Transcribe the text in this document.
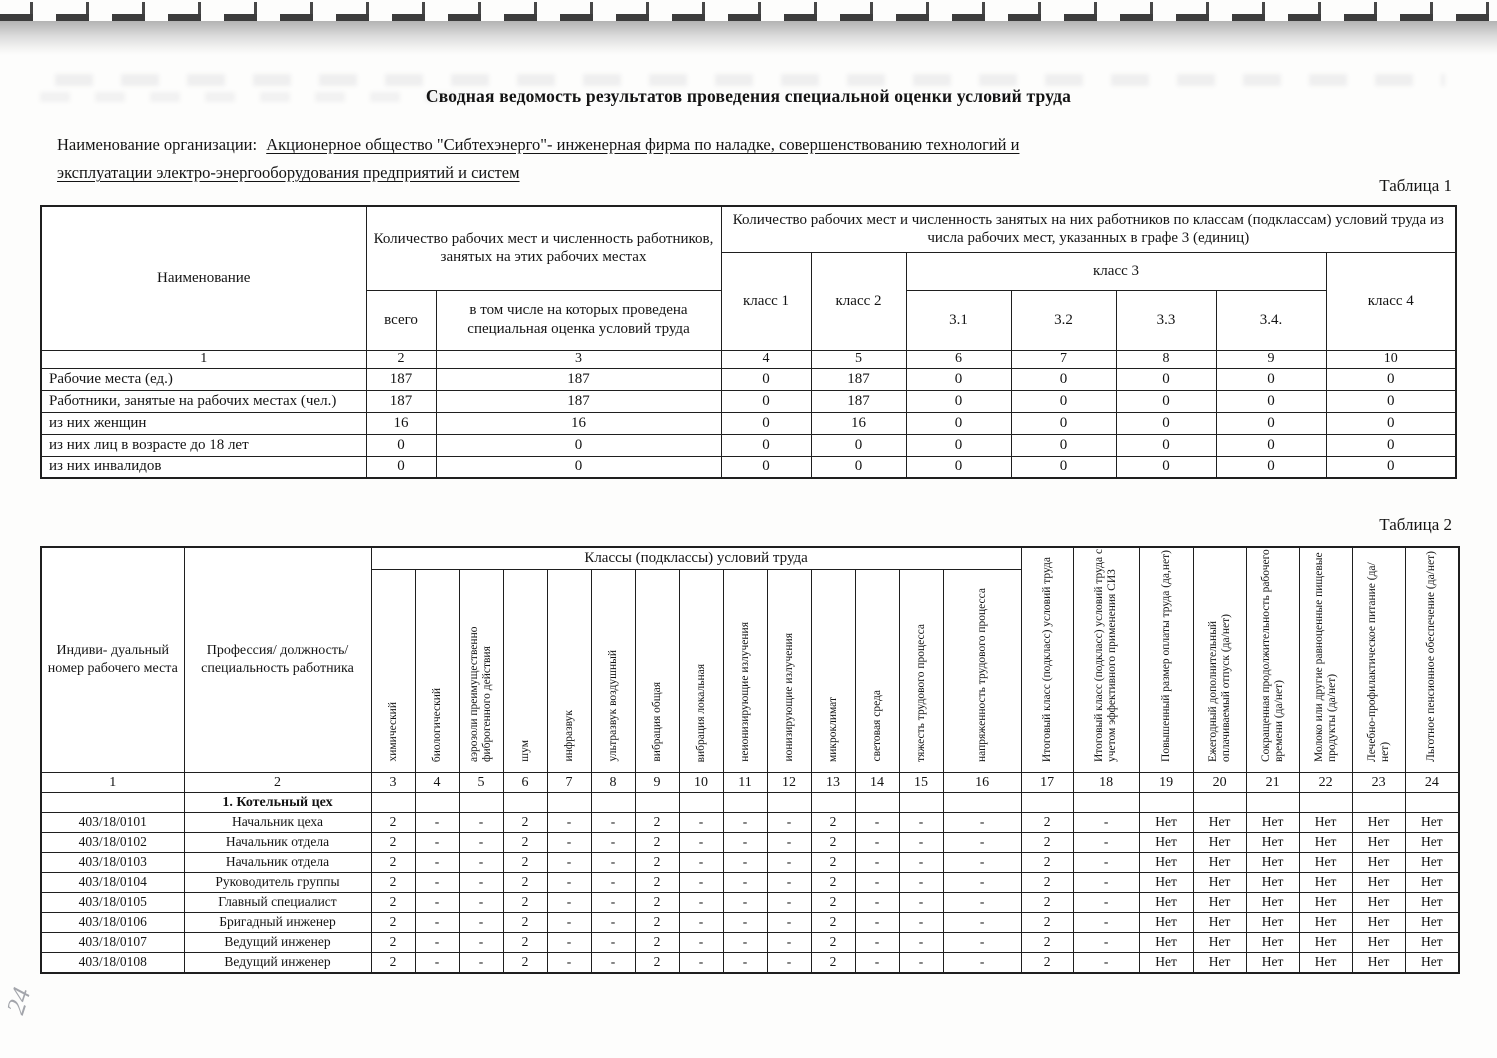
Сводная ведомость результатов проведения специальной оценки условий труда

Наименование организации: Акционерное общество "Сибтехэнерго"- инженерная фирма по наладке, совершенствованию технологий и
эксплуатации электро-энергооборудования предприятий и систем

Таблица 1
Наименование	Количество рабочих мест и численность работников, занятых на этих рабочих местах		Количество рабочих мест и численность занятых на них работников по классам (подклассам) условий труда из числа рабочих мест, указанных в графе 3 (единиц)						
			класс 1	класс 2	класс 3				класс 4
	всего	в том числе на которых проведена специальная оценка условий труда			3.1	3.2	3.3	3.4.	
1	2	3	4	5	6	7	8	9	10
Рабочие места (ед.)	187	187	0	187	0	0	0	0	0
Работники, занятые на рабочих местах (чел.)	187	187	0	187	0	0	0	0	0
из них женщин	16	16	0	16	0	0	0	0	0
из них лиц в возрасте до 18 лет	0	0	0	0	0	0	0	0	0
из них инвалидов	0	0	0	0	0	0	0	0	0
Таблица 2
Индиви- дуальный номер рабочего места	Профессия/ должность/ специальность работника	Классы (подклассы) условий труда														Итоговый класс (подкласс) условий труда	Итоговый класс (подкласс) условий труда с учетом эффективного применения СИЗ	Повышенный размер оплаты труда (да,нет)	Ежегодный дополнительный оплачиваемый отпуск (да/нет)	Сокращенная продолжительность рабочего времени (да/нет)	Молоко или другие равноценные пищевые продукты (да/нет)	Лечебно-профилактическое питание (да/нет)	Льготное пенсионное обеспечение (да/нет)
		химический	биологический	аэрозоли преимущественно фиброгенного действия	шум	инфразвук	ультразвук воздушный	вибрация общая	вибрация локальная	неионизирующие излучения	ионизирующие излучения	микроклимат	световая среда	тяжесть трудового процесса	напряженность трудового процесса								
1	2	3	4	5	6	7	8	9	10	11	12	13	14	15	16	17	18	19	20	21	22	23	24
	1. Котельный цех																						
403/18/0101	Начальник цеха	2	-	-	2	-	-	2	-	-	-	2	-	-	-	2	-	Нет	Нет	Нет	Нет	Нет	Нет
403/18/0102	Начальник отдела	2	-	-	2	-	-	2	-	-	-	2	-	-	-	2	-	Нет	Нет	Нет	Нет	Нет	Нет
403/18/0103	Начальник отдела	2	-	-	2	-	-	2	-	-	-	2	-	-	-	2	-	Нет	Нет	Нет	Нет	Нет	Нет
403/18/0104	Руководитель группы	2	-	-	2	-	-	2	-	-	-	2	-	-	-	2	-	Нет	Нет	Нет	Нет	Нет	Нет
403/18/0105	Главный специалист	2	-	-	2	-	-	2	-	-	-	2	-	-	-	2	-	Нет	Нет	Нет	Нет	Нет	Нет
403/18/0106	Бригадный инженер	2	-	-	2	-	-	2	-	-	-	2	-	-	-	2	-	Нет	Нет	Нет	Нет	Нет	Нет
403/18/0107	Ведущий инженер	2	-	-	2	-	-	2	-	-	-	2	-	-	-	2	-	Нет	Нет	Нет	Нет	Нет	Нет
403/18/0108	Ведущий инженер	2	-	-	2	-	-	2	-	-	-	2	-	-	-	2	-	Нет	Нет	Нет	Нет	Нет	Нет
24
